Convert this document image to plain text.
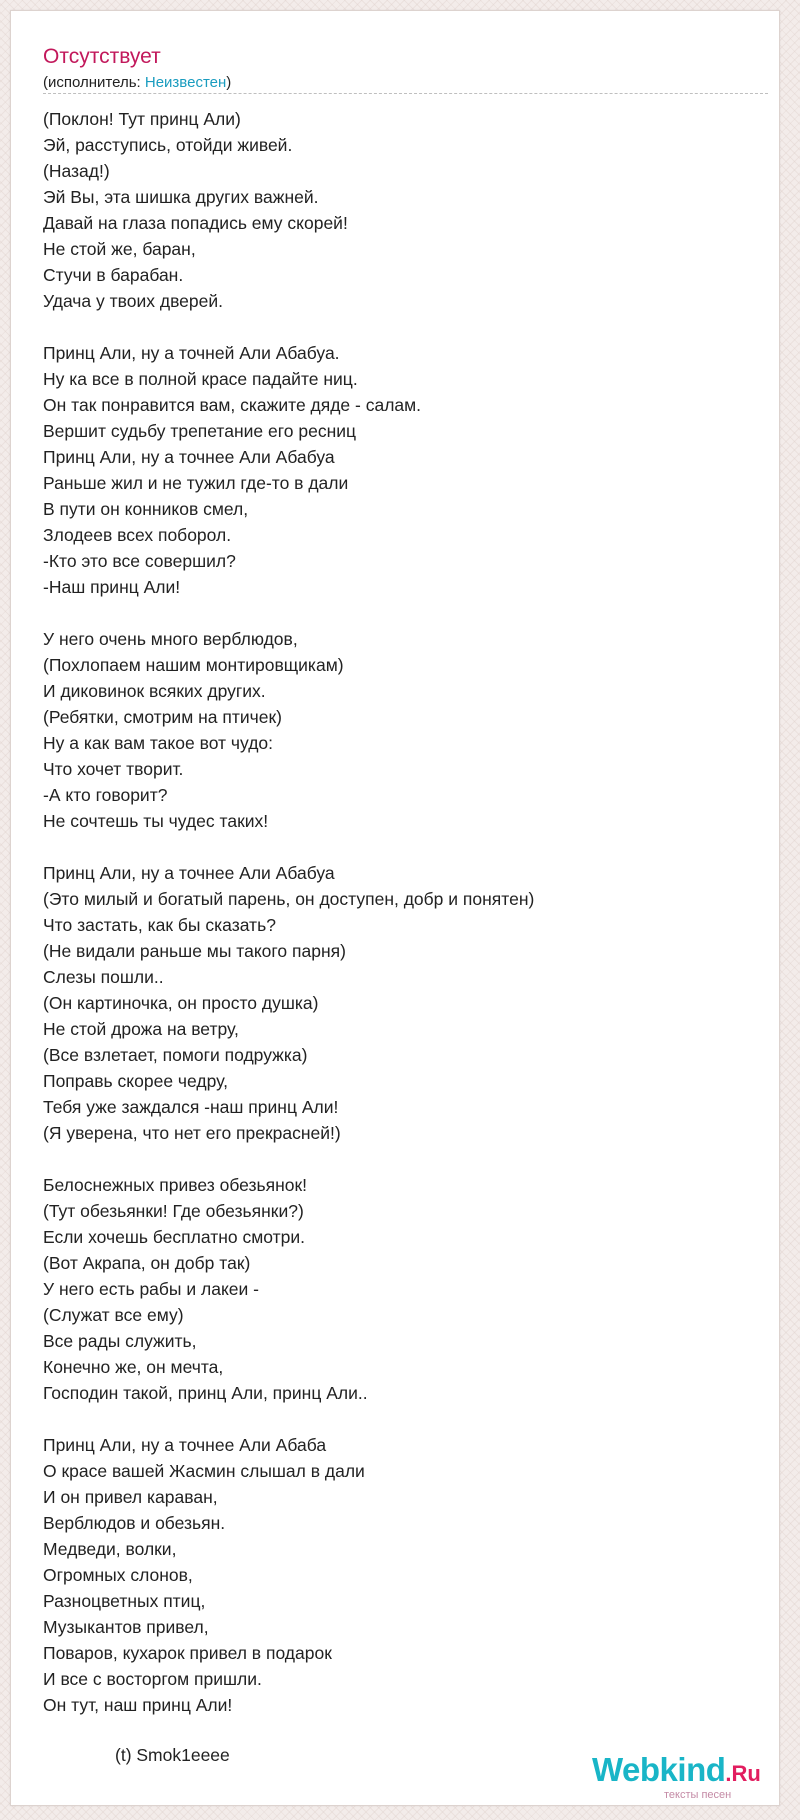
Отсутствует
(исполнитель: Неизвестен)
(Поклон! Тут принц Али)
Эй, расступись, отойди живей.
(Назад!)
Эй Вы, эта шишка других важней.
Давай на глаза попадись ему скорей!
Не стой же, баран,
Стучи в барабан.
Удача у твоих дверей.
Принц Али, ну а точней Али Абабуа.
Ну ка все в полной красе падайте ниц.
Он так понравится вам, скажите дяде - салам.
Вершит судьбу трепетание его ресниц
Принц Али, ну а точнее Али Абабуа
Раньше жил и не тужил где-то в дали
В пути он конников смел,
Злодеев всех поборол.
-Кто это все совершил?
-Наш принц Али!
У него очень много верблюдов,
(Похлопаем нашим монтировщикам)
И диковинок всяких других.
(Ребятки, смотрим на птичек)
Ну а как вам такое вот чудо:
Что хочет творит.
-А кто говорит?
Не сочтешь ты чудес таких!
Принц Али, ну а точнее Али Абабуа
(Это милый и богатый парень, он доступен, добр и понятен)
Что застать, как бы сказать?
(Не видали раньше мы такого парня)
Слезы пошли..
(Он картиночка, он просто душка)
Не стой дрожа на ветру,
(Все взлетает, помоги подружка)
Поправь скорее чедру,
Тебя уже заждался -наш принц Али!
(Я уверена, что нет его прекрасней!)
Белоснежных привез обезьянок!
(Тут обезьянки! Где обезьянки?)
Если хочешь бесплатно смотри.
(Вот Акрапа, он добр так)
У него есть рабы и лакеи -
(Служат все ему)
Все рады служить,
Конечно же, он мечта,
Господин такой, принц Али, принц Али..
Принц Али, ну а точнее Али Абаба
О красе вашей Жасмин слышал в дали
И он привел караван,
Верблюдов и обезьян.
Медведи, волки,
Огромных слонов,
Разноцветных птиц,
Музыкантов привел,
Поваров, кухарок привел в подарок
И все с восторгом пришли.
Он тут, наш принц Али!
(t) Smok1eeee	Webkind.Ru
тексты песен
